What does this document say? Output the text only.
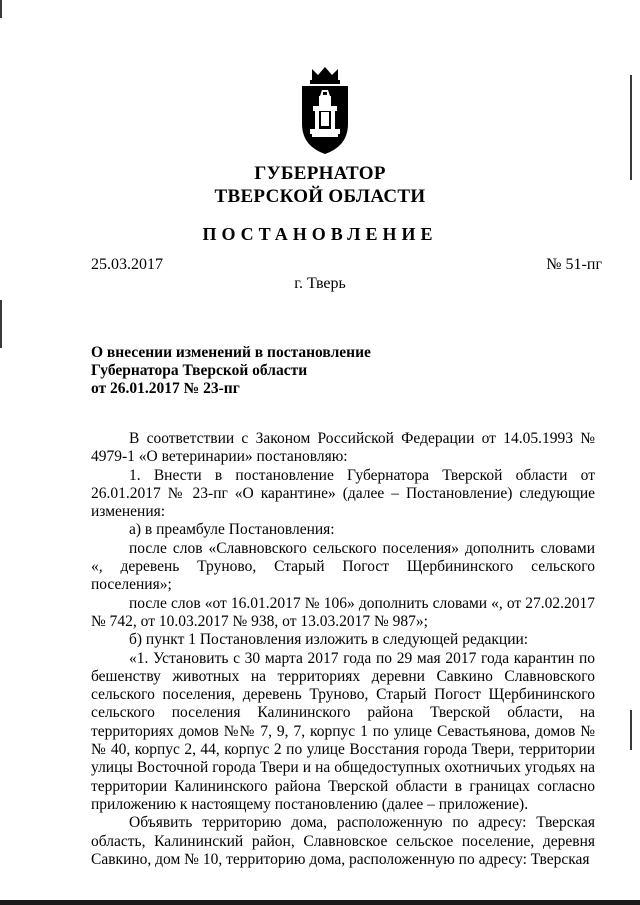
ГУБЕРНАТОР
ТВЕРСКОЙ ОБЛАСТИ
ПОСТАНОВЛЕНИЕ
25.03.2017	№ 51-пг
г. Тверь
О внесении изменений в постановление
Губернатора Тверской области
от 26.01.2017 № 23-пг

В соответствии с Законом Российской Федерации от 14.05.1993 № 4979-1 «О ветеринарии» постановляю:

1. Внести в постановление Губернатора Тверской области от 26.01.2017 № 23-пг «О карантине» (далее – Постановление) следующие изменения:

а) в преамбуле Постановления:

после слов «Славновского сельского поселения» дополнить словами «, деревень Труново, Старый Погост Щербининского сельского поселения»;

после слов «от 16.01.2017 № 106» дополнить словами «, от 27.02.2017 № 742, от 10.03.2017 № 938, от 13.03.2017 № 987»;

б) пункт 1 Постановления изложить в следующей редакции:

«1. Установить с 30 марта 2017 года по 29 мая 2017 года карантин по бешенству животных на территориях деревни Савкино Славновского сельского поселения, деревень Труново, Старый Погост Щербининского сельского поселения Калининского района Тверской области, на территориях домов №№ 7, 9, 7, корпус 1 по улице Севастьянова, домов №№ 40, корпус 2, 44, корпус 2 по улице Восстания города Твери, территории улицы Восточной города Твери и на общедоступных охотничьих угодьях на территории Калининского района Тверской области в границах согласно приложению к настоящему постановлению (далее – приложение).

Объявить территорию дома, расположенную по адресу: Тверская область, Калининский район, Славновское сельское поселение, деревня Савкино, дом № 10, территорию дома, расположенную по адресу: Тверская
